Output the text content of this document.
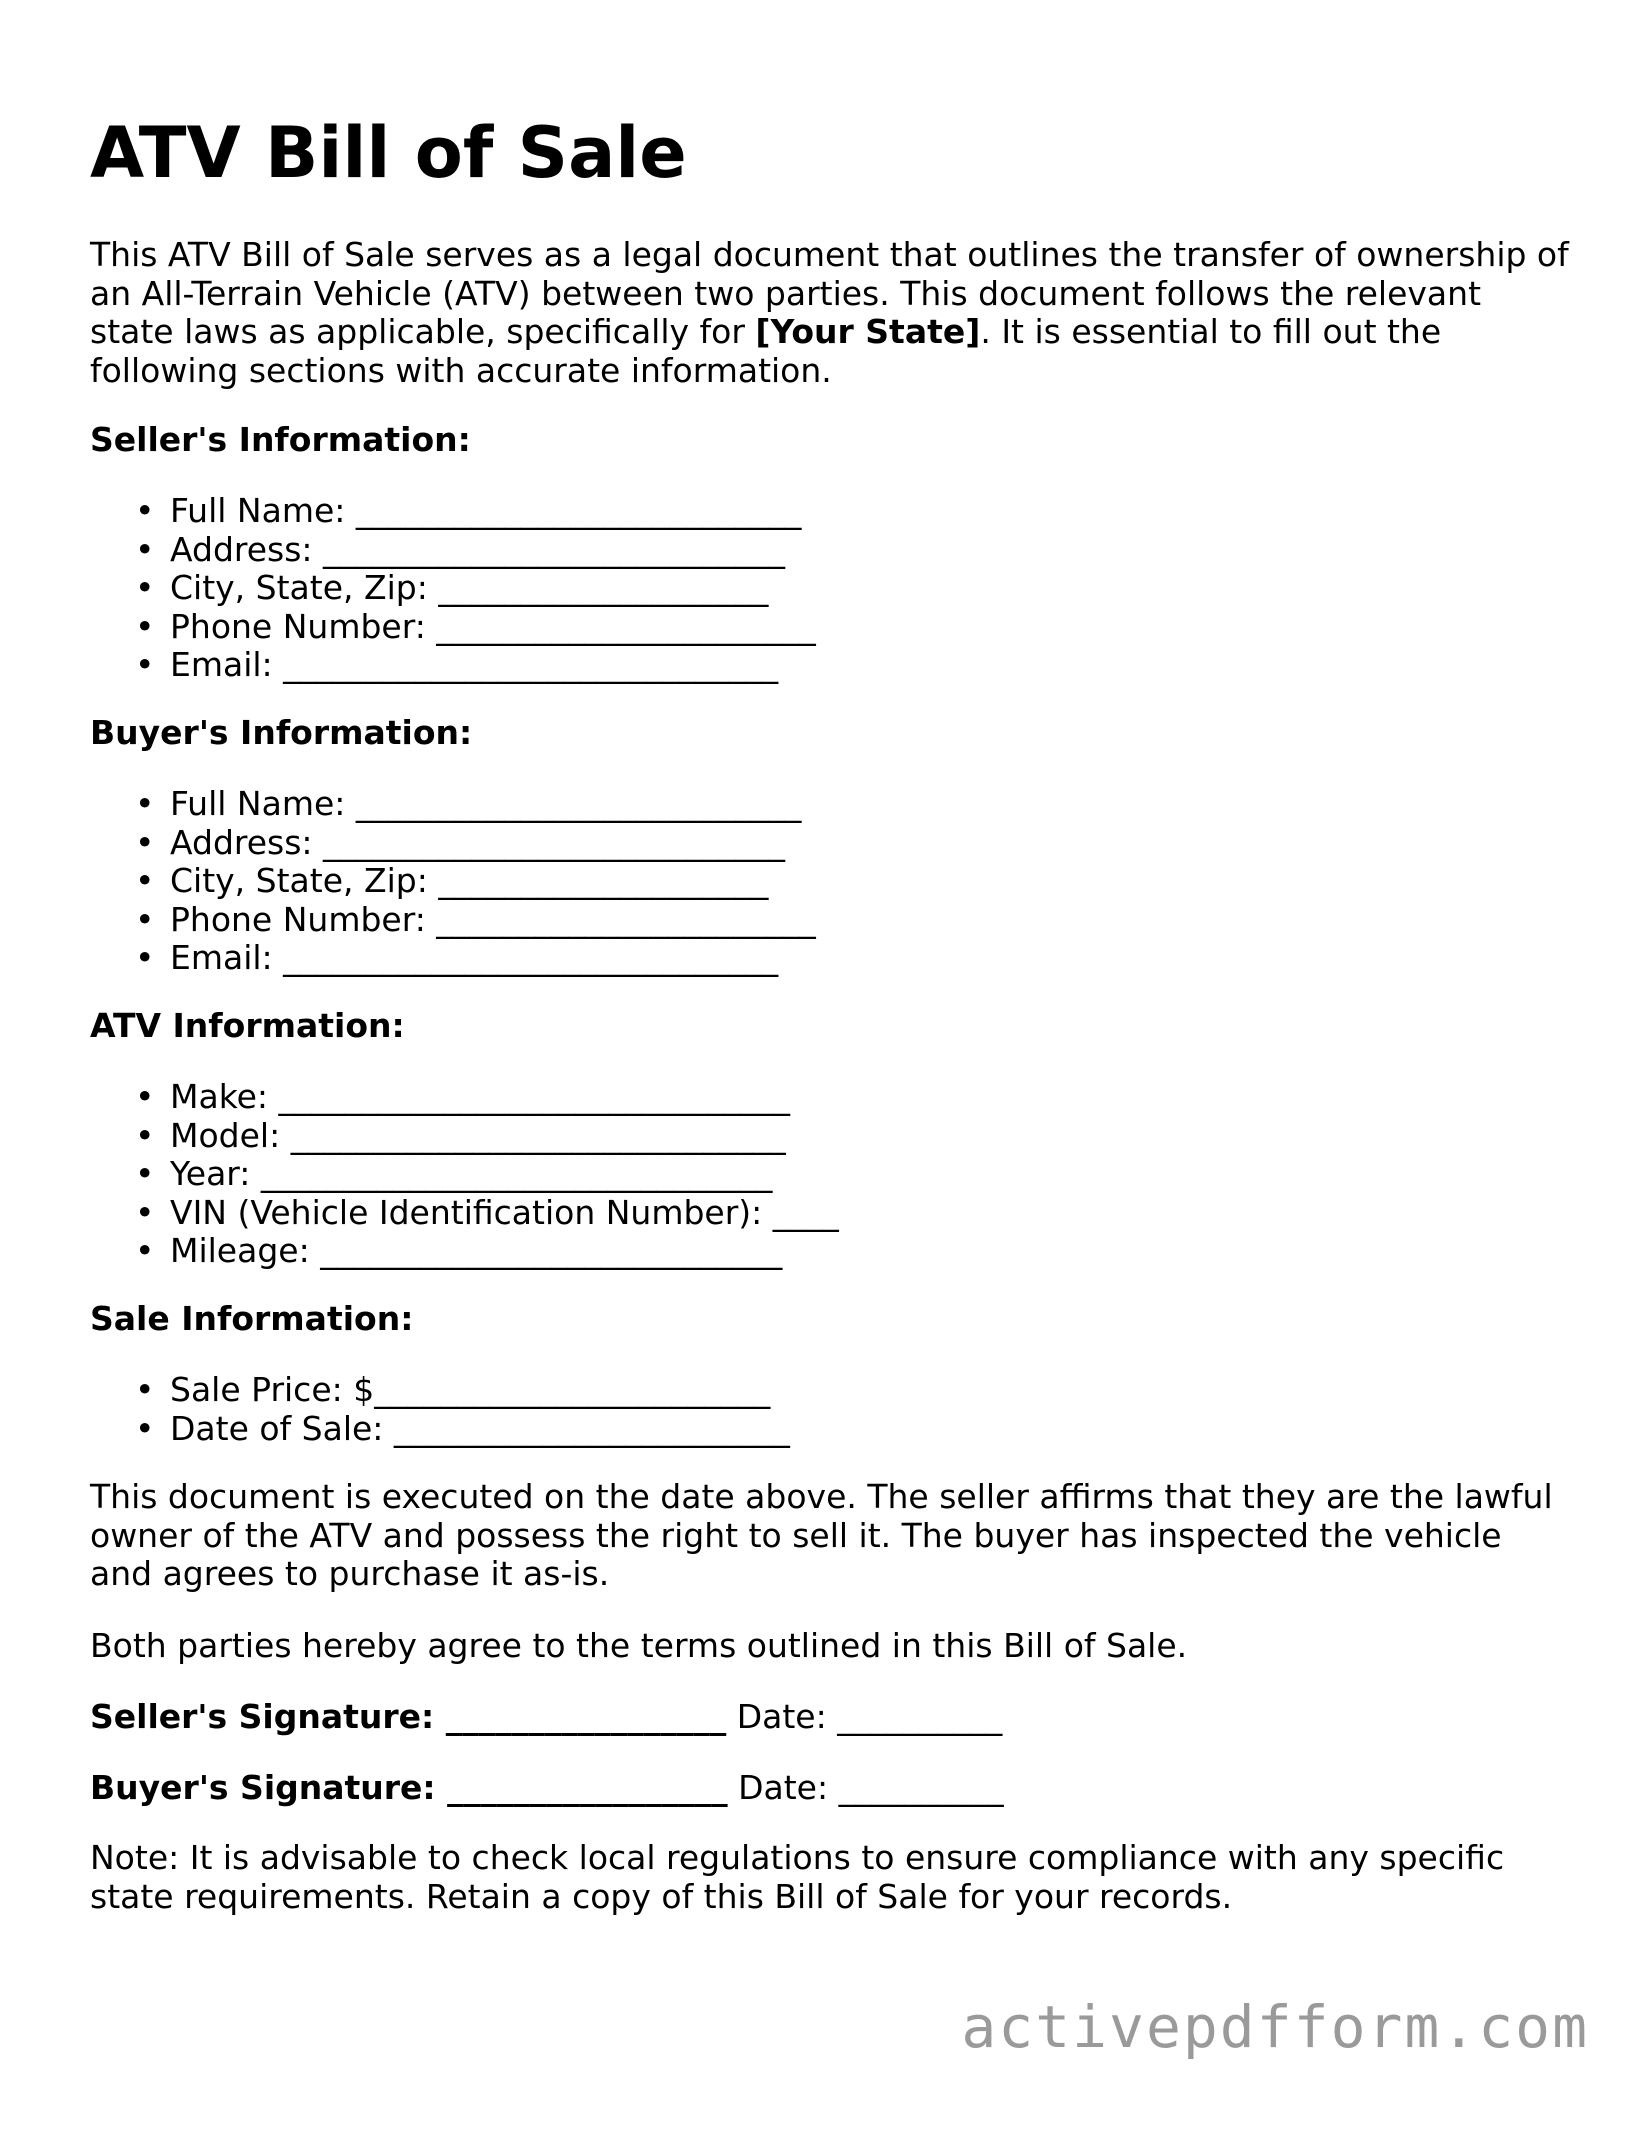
ATV Bill of Sale

This ATV Bill of Sale serves as a legal document that outlines the transfer of ownership of an All-Terrain Vehicle (ATV) between two parties. This document follows the relevant state laws as applicable, specifically for [Your State]. It is essential to fill out the following sections with accurate information.

Seller's Information:

• Full Name: ___________________________
• Address: ____________________________
• City, State, Zip: ____________________
• Phone Number: _______________________
• Email: ______________________________

Buyer's Information:

• Full Name: ___________________________
• Address: ____________________________
• City, State, Zip: ____________________
• Phone Number: _______________________
• Email: ______________________________

ATV Information:

• Make: _______________________________
• Model: ______________________________
• Year: _______________________________
• VIN (Vehicle Identification Number): ____
• Mileage: ____________________________

Sale Information:

• Sale Price: $________________________
• Date of Sale: ________________________

This document is executed on the date above. The seller affirms that they are the lawful owner of the ATV and possess the right to sell it. The buyer has inspected the vehicle and agrees to purchase it as-is.

Both parties hereby agree to the terms outlined in this Bill of Sale.

Seller's Signature: _________________ Date: __________
Buyer's Signature: _________________ Date: __________

Note: It is advisable to check local regulations to ensure compliance with any specific state requirements. Retain a copy of this Bill of Sale for your records.

activepdfform.com
